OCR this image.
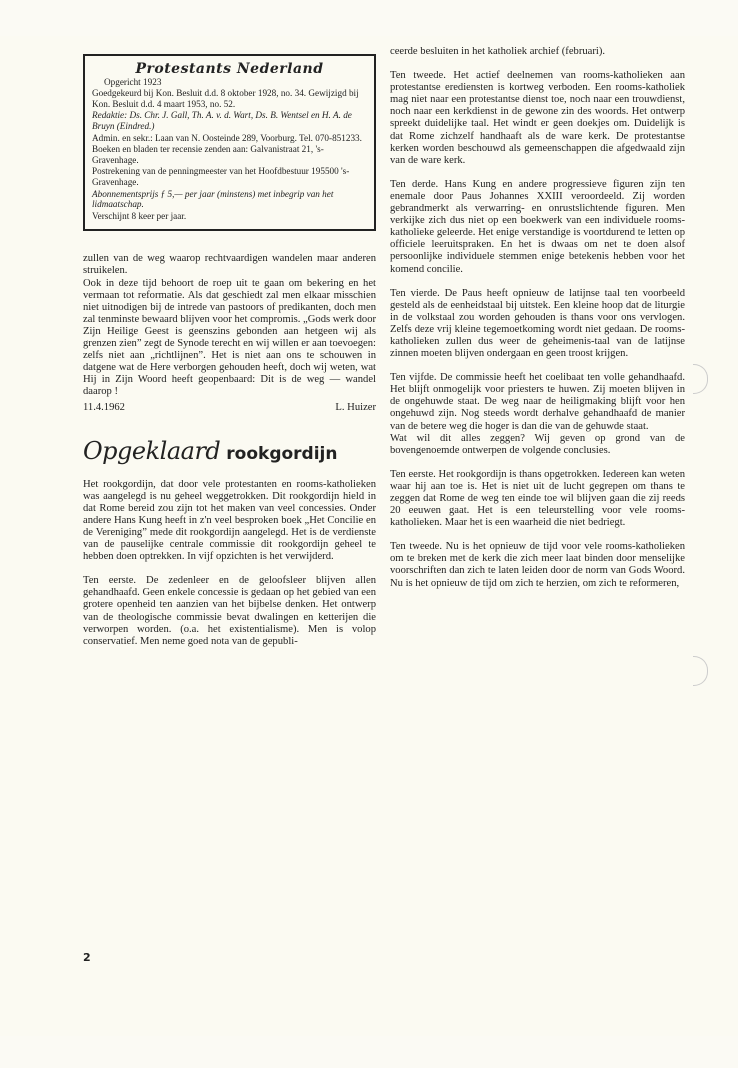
Protestants Nederland

Opgericht 1923

Goedgekeurd bij Kon. Besluit d.d. 8 oktober 1928, no. 34. Gewijzigd bij Kon. Besluit d.d. 4 maart 1953, no. 52.

Redaktie: Ds. Chr. J. Gall, Th. A. v. d. Wart, Ds. B. Wentsel en H. A. de Bruyn (Eindred.)

Admin. en sekr.: Laan van N. Oosteinde 289, Voorburg. Tel. 070-851233.

Boeken en bladen ter recensie zenden aan: Galvanistraat 21, 's-Gravenhage.

Postrekening van de penningmeester van het Hoofdbestuur 195500 's-Gravenhage.

Abonnementsprijs ƒ 5,— per jaar (minstens) met inbegrip van het lidmaatschap.

Verschijnt 8 keer per jaar.

zullen van de weg waarop rechtvaardigen wandelen maar anderen struikelen.

Ook in deze tijd behoort de roep uit te gaan om bekering en het vermaan tot reformatie. Als dat geschiedt zal men elkaar misschien niet uitnodigen bij de intrede van pastoors of predikanten, doch men zal tenminste bewaard blijven voor het compromis. „Gods werk door Zijn Heilige Geest is geenszins gebonden aan hetgeen wij als grenzen zien” zegt de Synode terecht en wij willen er aan toevoegen: zelfs niet aan „richtlijnen”. Het is niet aan ons te schouwen in datgene wat de Here verborgen gehouden heeft, doch wij weten, wat Hij in Zijn Woord heeft geopenbaard: Dit is de weg — wandel daarop !

11.4.1962	L. Huizer
Opgeklaard rookgordijn

Het rookgordijn, dat door vele protestanten en rooms-katholieken was aangelegd is nu geheel weggetrokken. Dit rookgordijn hield in dat Rome bereid zou zijn tot het maken van veel concessies. Onder andere Hans Kung heeft in z'n veel besproken boek „Het Concilie en de Vereniging” mede dit rookgordijn aangelegd. Het is de verdienste van de pauselijke centrale commissie dit rookgordijn geheel te hebben doen optrekken. In vijf opzichten is het verwijderd.

Ten eerste. De zedenleer en de geloofsleer blijven allen gehandhaafd. Geen enkele concessie is gedaan op het gebied van een grotere openheid ten aanzien van het bijbelse denken. Het ontwerp van de theologische commissie bevat dwalingen en ketterijen die verworpen worden. (o.a. het existentialisme). Men is volop conservatief. Men neme goed nota van de gepubli-

2

ceerde besluiten in het katholiek archief (februari).

Ten tweede. Het actief deelnemen van rooms-katholieken aan protestantse erediensten is kortweg verboden. Een rooms-katholiek mag niet naar een protestantse dienst toe, noch naar een trouwdienst, noch naar een kerkdienst in de gewone zin des woords. Het ontwerp spreekt duidelijke taal. Het windt er geen doekjes om. Duidelijk is dat Rome zichzelf handhaaft als de ware kerk. De protestantse kerken worden beschouwd als gemeenschappen die afgedwaald zijn van de ware kerk.

Ten derde. Hans Kung en andere progressieve figuren zijn ten enemale door Paus Johannes XXIII veroordeeld. Zij worden gebrandmerkt als verwarring- en onrustslichtende figuren. Men verkijke zich dus niet op een boekwerk van een individuele rooms-katholieke geleerde. Het enige verstandige is voortdurend te letten op officiele leeruitspraken. En het is dwaas om net te doen alsof persoonlijke individuele stemmen enige betekenis hebben voor het komend concilie.

Ten vierde. De Paus heeft opnieuw de latijnse taal ten voorbeeld gesteld als de eenheidstaal bij uitstek. Een kleine hoop dat de liturgie in de volkstaal zou worden gehouden is thans voor ons vervlogen. Zelfs deze vrij kleine tegemoetkoming wordt niet gedaan. De rooms-katholieken zullen dus weer de geheimenis-taal van de latijnse zinnen moeten blijven ondergaan en geen troost krijgen.

Ten vijfde. De commissie heeft het coelibaat ten volle gehandhaafd. Het blijft onmogelijk voor priesters te huwen. Zij moeten blijven in de ongehuwde staat. De weg naar de heiligmaking blijft voor hen ongehuwd zijn. Nog steeds wordt derhalve gehandhaafd de manier van de betere weg die hoger is dan die van de gehuwde staat.

Wat wil dit alles zeggen? Wij geven op grond van de bovengenoemde ontwerpen de volgende conclusies.

Ten eerste. Het rookgordijn is thans opgetrokken. Iedereen kan weten waar hij aan toe is. Het is niet uit de lucht gegrepen om thans te zeggen dat Rome de weg ten einde toe wil blijven gaan die zij reeds 20 eeuwen gaat. Het is een teleurstelling voor vele rooms-katholieken. Maar het is een waarheid die niet bedriegt.

Ten tweede. Nu is het opnieuw de tijd voor vele rooms-katholieken om te breken met de kerk die zich meer laat binden door menselijke voorschriften dan zich te laten leiden door de norm van Gods Woord. Nu is het opnieuw de tijd om zich te herzien, om zich te reformeren,
